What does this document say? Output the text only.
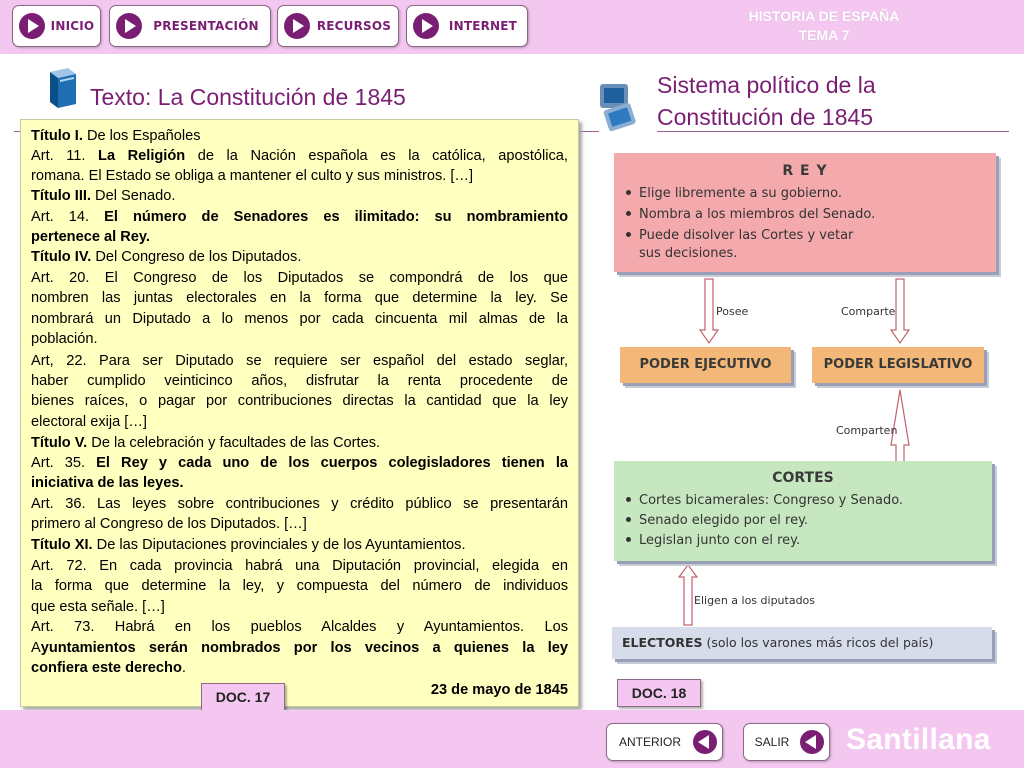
INICIO	PRESENTACIÓN	RECURSOS	INTERNET
HISTORIA DE ESPAÑA
TEMA 7
Texto: La Constitución de 1845	Sistema político de la
Constitución de 1845
Título I. De los Españoles
Art. 11. La Religión de la Nación española es la católica, apostólica,
romana. El Estado se obliga a mantener el culto y sus ministros. […]
Título III. Del Senado.
Art. 14. El número de Senadores es ilimitado: su nombramiento
pertenece al Rey.
Título IV. Del Congreso de los Diputados.
Art. 20. El Congreso de los Diputados se compondrá de los que
nombren las juntas electorales en la forma que determine la ley. Se
nombrará un Diputado a lo menos por cada cincuenta mil almas de la
población.
Art, 22. Para ser Diputado se requiere ser español del estado seglar,
haber cumplido veinticinco años, disfrutar la renta procedente de
bienes raíces, o pagar por contribuciones directas la cantidad que la ley
electoral exija […]
Título V. De la celebración y facultades de las Cortes.
Art. 35. El Rey y cada uno de los cuerpos colegisladores tienen la
iniciativa de las leyes.
Art. 36. Las leyes sobre contribuciones y crédito público se presentarán
primero al Congreso de los Diputados. […]
Título XI. De las Diputaciones provinciales y de los Ayuntamientos.
Art. 72. En cada provincia habrá una Diputación provincial, elegida en
la forma que determine la ley, y compuesta del número de individuos
que esta señale. […]
Art. 73. Habrá en los pueblos Alcaldes y Ayuntamientos. Los
Ayuntamientos serán nombrados por los vecinos a quienes la ley
confiera este derecho.
23 de mayo de 1845
DOC. 17	DOC. 18
R E Y
Elige libremente a su gobierno.
Nombra a los miembros del Senado.
Puede disolver las Cortes y vetar
sus decisiones.
Posee	Comparte
PODER EJECUTIVO	PODER LEGISLATIVO
Comparten
CORTES
Cortes bicamerales: Congreso y Senado.
Senado elegido por el rey.
Legislan junto con el rey.
Eligen a los diputados
ELECTORES (solo los varones más ricos del país)
ANTERIOR	SALIR	Santillana
